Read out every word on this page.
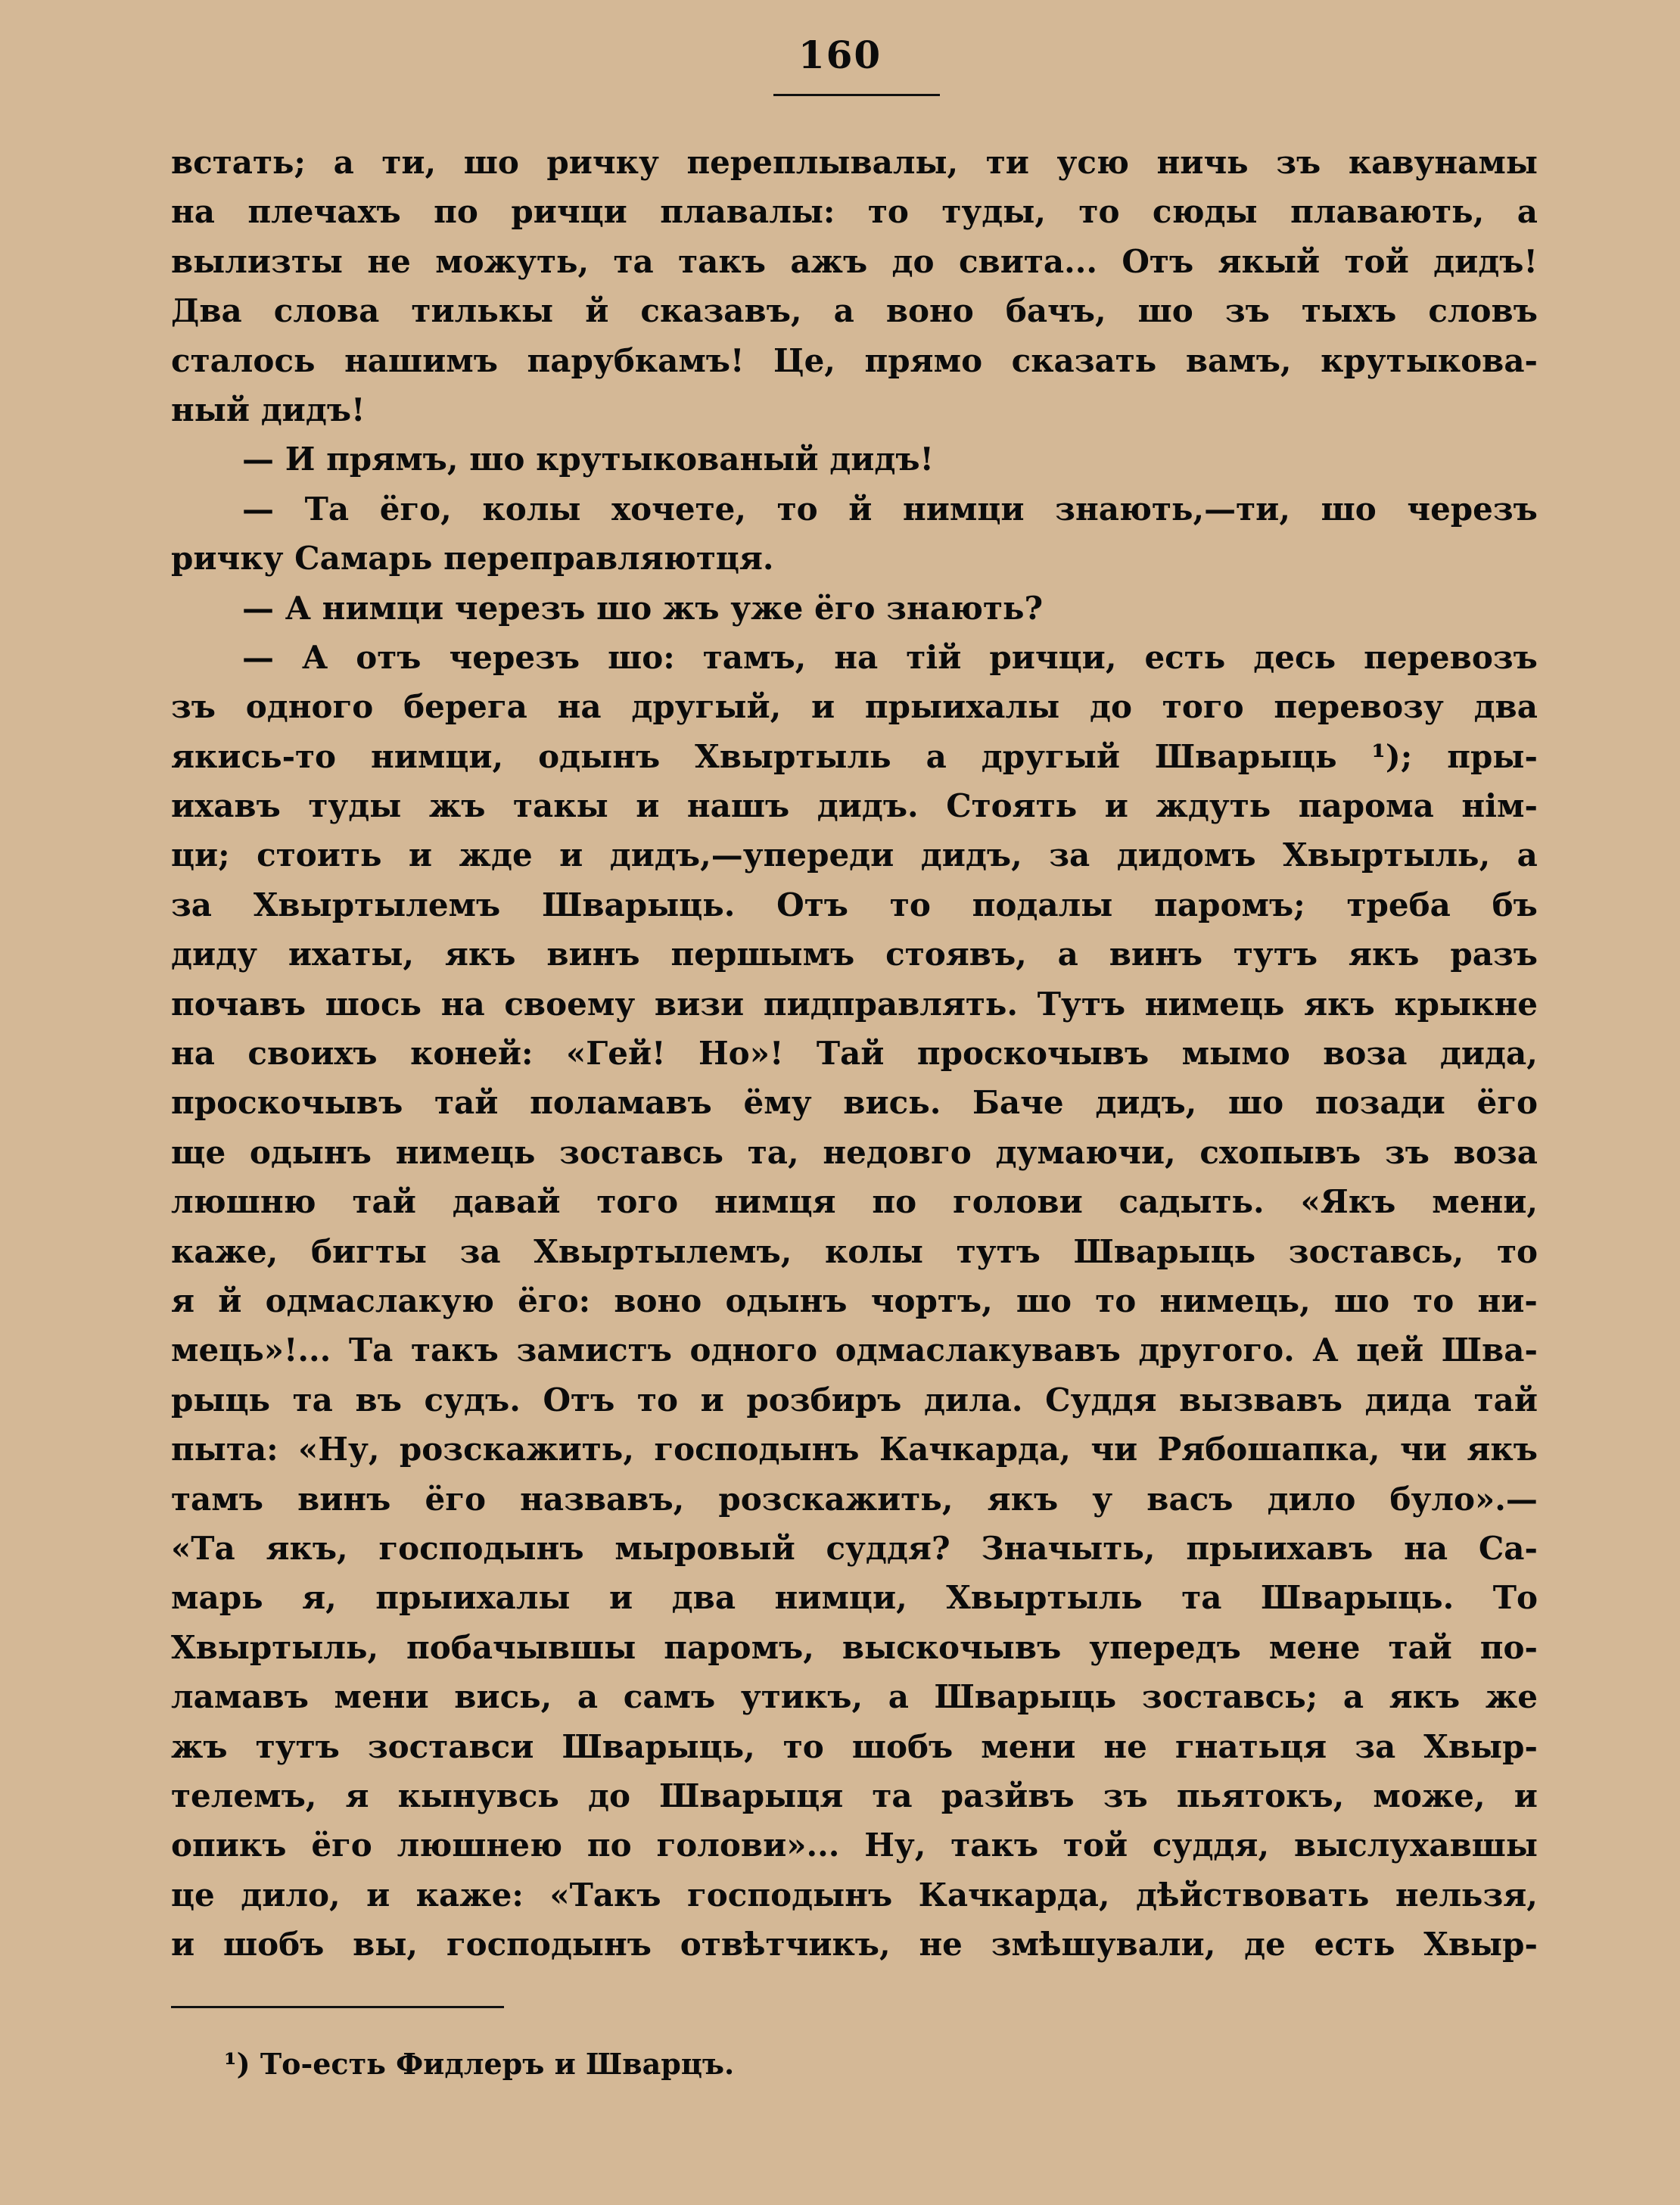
160
встать; а ти, шо ричку переплывалы, ти усю ничь зъ кавунамы
на плечахъ по ричци плавалы: то туды, то сюды плавають, а
вылизты не можуть, та такъ ажъ до свита... Отъ якый той дидъ!
Два слова тилькы й сказавъ, а воно бачъ, шо зъ тыхъ словъ
сталось нашимъ парубкамъ! Це, прямо сказать вамъ, крутыкова-
ный дидъ!
— И прямъ, шо крутыкованый дидъ!
— Та ёго, колы хочете, то й нимци знають,—ти, шо черезъ
ричку Самарь переправляютця.
— А нимци черезъ шо жъ уже ёго знають?
— А отъ черезъ шо: тамъ, на тій ричци, есть десь перевозъ
зъ одного берега на другый, и прыихалы до того перевозу два
якись-то нимци, одынъ Хвыртыль а другый Шварыць ¹); пры-
ихавъ туды жъ такы и нашъ дидъ. Стоять и ждуть парома нім-
ци; стоить и жде и дидъ,—упереди дидъ, за дидомъ Хвыртыль, а
за Хвыртылемъ Шварыць. Отъ то подалы паромъ; треба бъ
диду ихаты, якъ винъ першымъ стоявъ, а винъ тутъ якъ разъ
почавъ шось на своему визи пидправлять. Тутъ нимець якъ крыкне
на своихъ коней: «Гей! Но»! Тай проскочывъ мымо воза дида,
проскочывъ тай поламавъ ёму вись. Баче дидъ, шо позади ёго
ще одынъ нимець зоставсь та, недовго думаючи, схопывъ зъ воза
люшню тай давай того нимця по голови садыть. «Якъ мени,
каже, бигты за Хвыртылемъ, колы тутъ Шварыць зоставсь, то
я й одмаслакую ёго: воно одынъ чортъ, шо то нимець, шо то ни-
мець»!... Та такъ замистъ одного одмаслакувавъ другого. А цей Шва-
рыць та въ судъ. Отъ то и розбиръ дила. Суддя вызвавъ дида тай
пыта: «Ну, розскажить, господынъ Качкарда, чи Рябошапка, чи якъ
тамъ винъ ёго назвавъ, розскажить, якъ у васъ дило було».—
«Та якъ, господынъ мыровый суддя? Значыть, прыихавъ на Са-
марь я, прыихалы и два нимци, Хвыртыль та Шварыць. То
Хвыртыль, побачывшы паромъ, выскочывъ упередъ мене тай по-
ламавъ мени вись, а самъ утикъ, а Шварыць зоставсь; а якъ же
жъ тутъ зоставси Шварыць, то шобъ мени не гнатьця за Хвыр-
телемъ, я кынувсь до Шварыця та разйвъ зъ пьятокъ, може, и
опикъ ёго люшнею по голови»... Ну, такъ той суддя, выслухавшы
це дило, и каже: «Такъ господынъ Качкарда, дѣйствовать нельзя,
и шобъ вы, господынъ отвѣтчикъ, не змѣшували, де есть Хвыр-
¹) То-есть Фидлеръ и Шварцъ.
